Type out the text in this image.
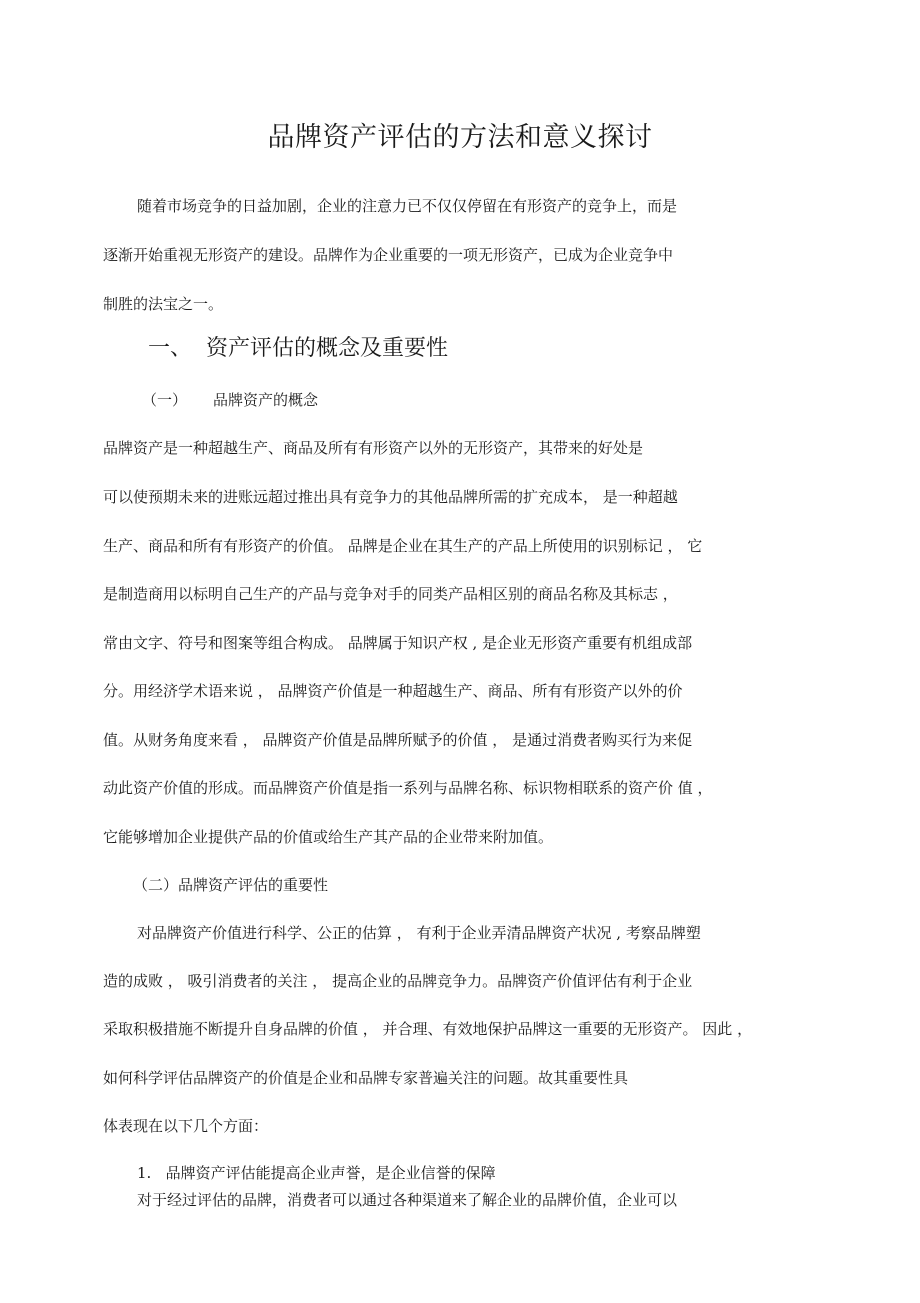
品牌资产评估的方法和意义探讨
随着市场竞争的日益加剧，企业的注意力已不仅仅停留在有形资产的竞争上，而是
逐渐开始重视无形资产的建设。品牌作为企业重要的一项无形资产，已成为企业竞争中
制胜的法宝之一。
一、 资产评估的概念及重要性
（一） 品牌资产的概念
品牌资产是一种超越生产、商品及所有有形资产以外的无形资产，其带来的好处是
可以使预期未来的进账远超过推出具有竞争力的其他品牌所需的扩充成本， 是一种超越
生产、商品和所有有形资产的价值。 品牌是企业在其生产的产品上所使用的识别标记 ， 它
是制造商用以标明自己生产的产品与竞争对手的同类产品相区别的商品名称及其标志 ，
常由文字、符号和图案等组合构成。 品牌属于知识产权 , 是企业无形资产重要有机组成部
分。用经济学术语来说 ， 品牌资产价值是一种超越生产、商品、所有有形资产以外的价
值。从财务角度来看 ， 品牌资产价值是品牌所赋予的价值 ， 是通过消费者购买行为来促
动此资产价值的形成。而品牌资产价值是指一系列与品牌名称、标识物相联系的资产价 值 ，
它能够增加企业提供产品的价值或给生产其产品的企业带来附加值。
（二）品牌资产评估的重要性
对品牌资产价值进行科学、公正的估算 ， 有利于企业弄清品牌资产状况 , 考察品牌塑
造的成败 ， 吸引消费者的关注 ， 提高企业的品牌竞争力。品牌资产价值评估有利于企业
采取积极措施不断提升自身品牌的价值 ， 并合理、有效地保护品牌这一重要的无形资产。 因此 ，
如何科学评估品牌资产的价值是企业和品牌专家普遍关注的问题。故其重要性具
体表现在以下几个方面：
1.   品牌资产评估能提高企业声誉，是企业信誉的保障
对于经过评估的品牌，消费者可以通过各种渠道来了解企业的品牌价值，企业可以
